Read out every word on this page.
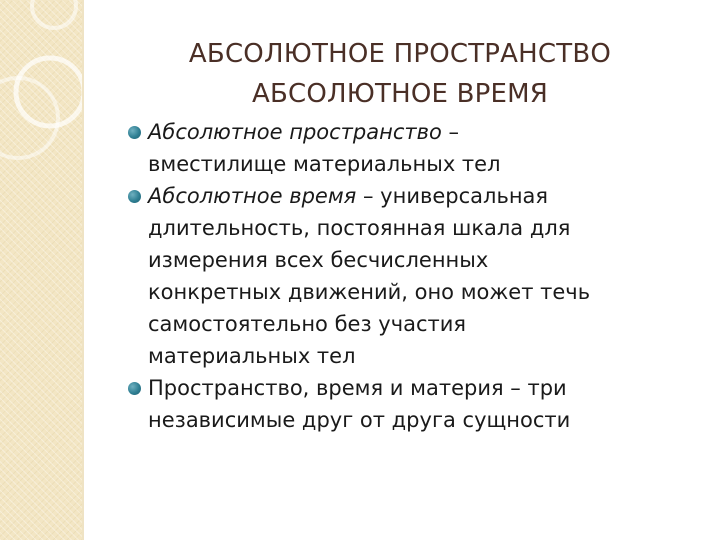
АБСОЛЮТНОЕ ПРОСТРАНСТВО
АБСОЛЮТНОЕ ВРЕМЯ
Абсолютное пространство –
вместилище материальных тел
Абсолютное время – универсальная
длительность, постоянная шкала для
измерения всех бесчисленных
конкретных движений, оно может течь
самостоятельно без участия
материальных тел
Пространство, время и материя – три
независимые друг от друга сущности
